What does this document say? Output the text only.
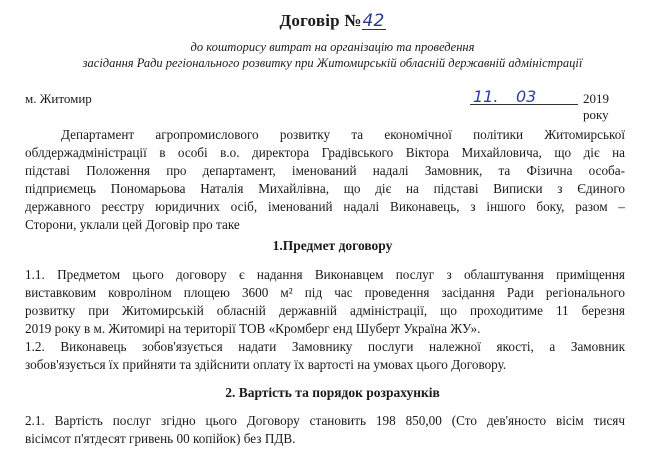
Договір №42
до кошторису витрат на організацію та проведення
засідання Ради регіонального розвитку при Житомирській обласній державній адміністрації
м. Житомир	11. 03	2019 року
Департамент агропромислового розвитку та економічної політики Житомирської
облдержадміністрації в особі в.о. директора Градівського Віктора Михайловича, що діє на
підставі Положення про департамент, іменований надалі Замовник, та Фізична особа-
підприємець Пономарьова Наталія Михайлівна, що діє на підставі Виписки з Єдиного
державного реєстру юридичних осіб, іменований надалі Виконавець, з іншого боку, разом –
Сторони, уклали цей Договір про таке
1.Предмет договору
1.1. Предметом цього договору є надання Виконавцем послуг з облаштування приміщення
виставковим ковроліном площею 3600 м² під час проведення засідання Ради регіонального
розвитку при Житомирській обласній державній адміністрації, що проходитиме 11 березня
2019 року в м. Житомирі на території ТОВ «Кромберг енд Шуберт Україна ЖУ».
1.2. Виконавець зобов'язується надати Замовнику послуги належної якості, а Замовник
зобов'язується їх прийняти та здійснити оплату їх вартості на умовах цього Договору.
2. Вартість та порядок розрахунків
2.1. Вартість послуг згідно цього Договору становить 198 850,00 (Сто дев'яносто вісім тисяч
вісімсот п'ятдесят гривень 00 копійок) без ПДВ.
